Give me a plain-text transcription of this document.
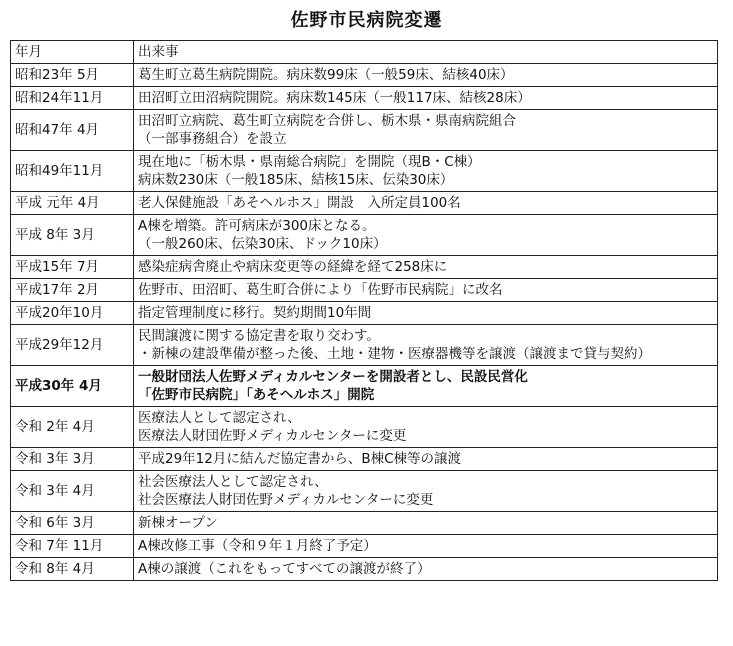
佐野市民病院変遷
年月	出来事
昭和23年 5月	葛生町立葛生病院開院。病床数99床（一般59床、結核40床）

昭和24年11月	田沼町立田沼病院開院。病床数145床（一般117床、結核28床）

昭和47年 4月	田沼町立病院、葛生町立病院を合併し、栃木県・県南病院組合
（一部事務組合）を設立

昭和49年11月	現在地に「栃木県・県南総合病院」を開院（現B・C棟）
病床数230床（一般185床、結核15床、伝染30床）

平成 元年 4月	老人保健施設「あそヘルホス」開設　入所定員100名

平成 8年 3月	A棟を増築。許可病床が300床となる。
（一般260床、伝染30床、ドック10床）

平成15年 7月	感染症病舎廃止や病床変更等の経緯を経て258床に

平成17年 2月	佐野市、田沼町、葛生町合併により「佐野市民病院」に改名

平成20年10月	指定管理制度に移行。契約期間10年間

平成29年12月	民間譲渡に関する協定書を取り交わす。
・新棟の建設準備が整った後、土地・建物・医療器機等を譲渡（譲渡まで貸与契約）

平成30年 4月	一般財団法人佐野メディカルセンターを開設者とし、民設民営化
「佐野市民病院」「あそヘルホス」開院

令和 2年 4月	医療法人として認定され、
医療法人財団佐野メディカルセンターに変更

令和 3年 3月	平成29年12月に結んだ協定書から、B棟C棟等の譲渡

令和 3年 4月	社会医療法人として認定され、
社会医療法人財団佐野メディカルセンターに変更

令和 6年 3月	新棟オープン

令和 7年 11月	A棟改修工事（令和９年１月終了予定）

令和 8年 4月	A棟の譲渡（これをもってすべての譲渡が終了）
